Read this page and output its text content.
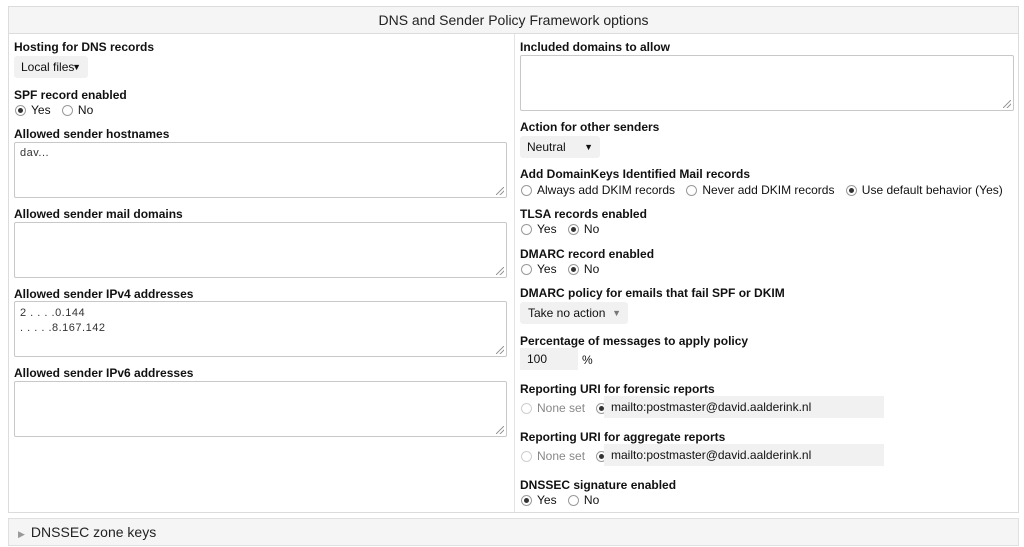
DNS and Sender Policy Framework options
Hosting for DNS records
Local files
▼
SPF record enabled
Yes
No
Allowed sender hostnames
dav...
Allowed sender mail domains
Allowed sender IPv4 addresses
2 . . . .0.144
. . . . .8.167.142
Allowed sender IPv6 addresses
Included domains to allow
Action for other senders
Neutral ▼
Add DomainKeys Identified Mail records
Always add DKIM records
Never add DKIM records
Use default behavior (Yes)
TLSA records enabled
Yes
No
DMARC record enabled
Yes
No
DMARC policy for emails that fail SPF or DKIM
Take no action ▼
Percentage of messages to apply policy
100	%
Reporting URI for forensic reports
None set
	mailto:postmaster@david.aalderink.nl
Reporting URI for aggregate reports
None set
	mailto:postmaster@david.aalderink.nl
DNSSEC signature enabled
Yes
No
▶ DNSSEC zone keys
